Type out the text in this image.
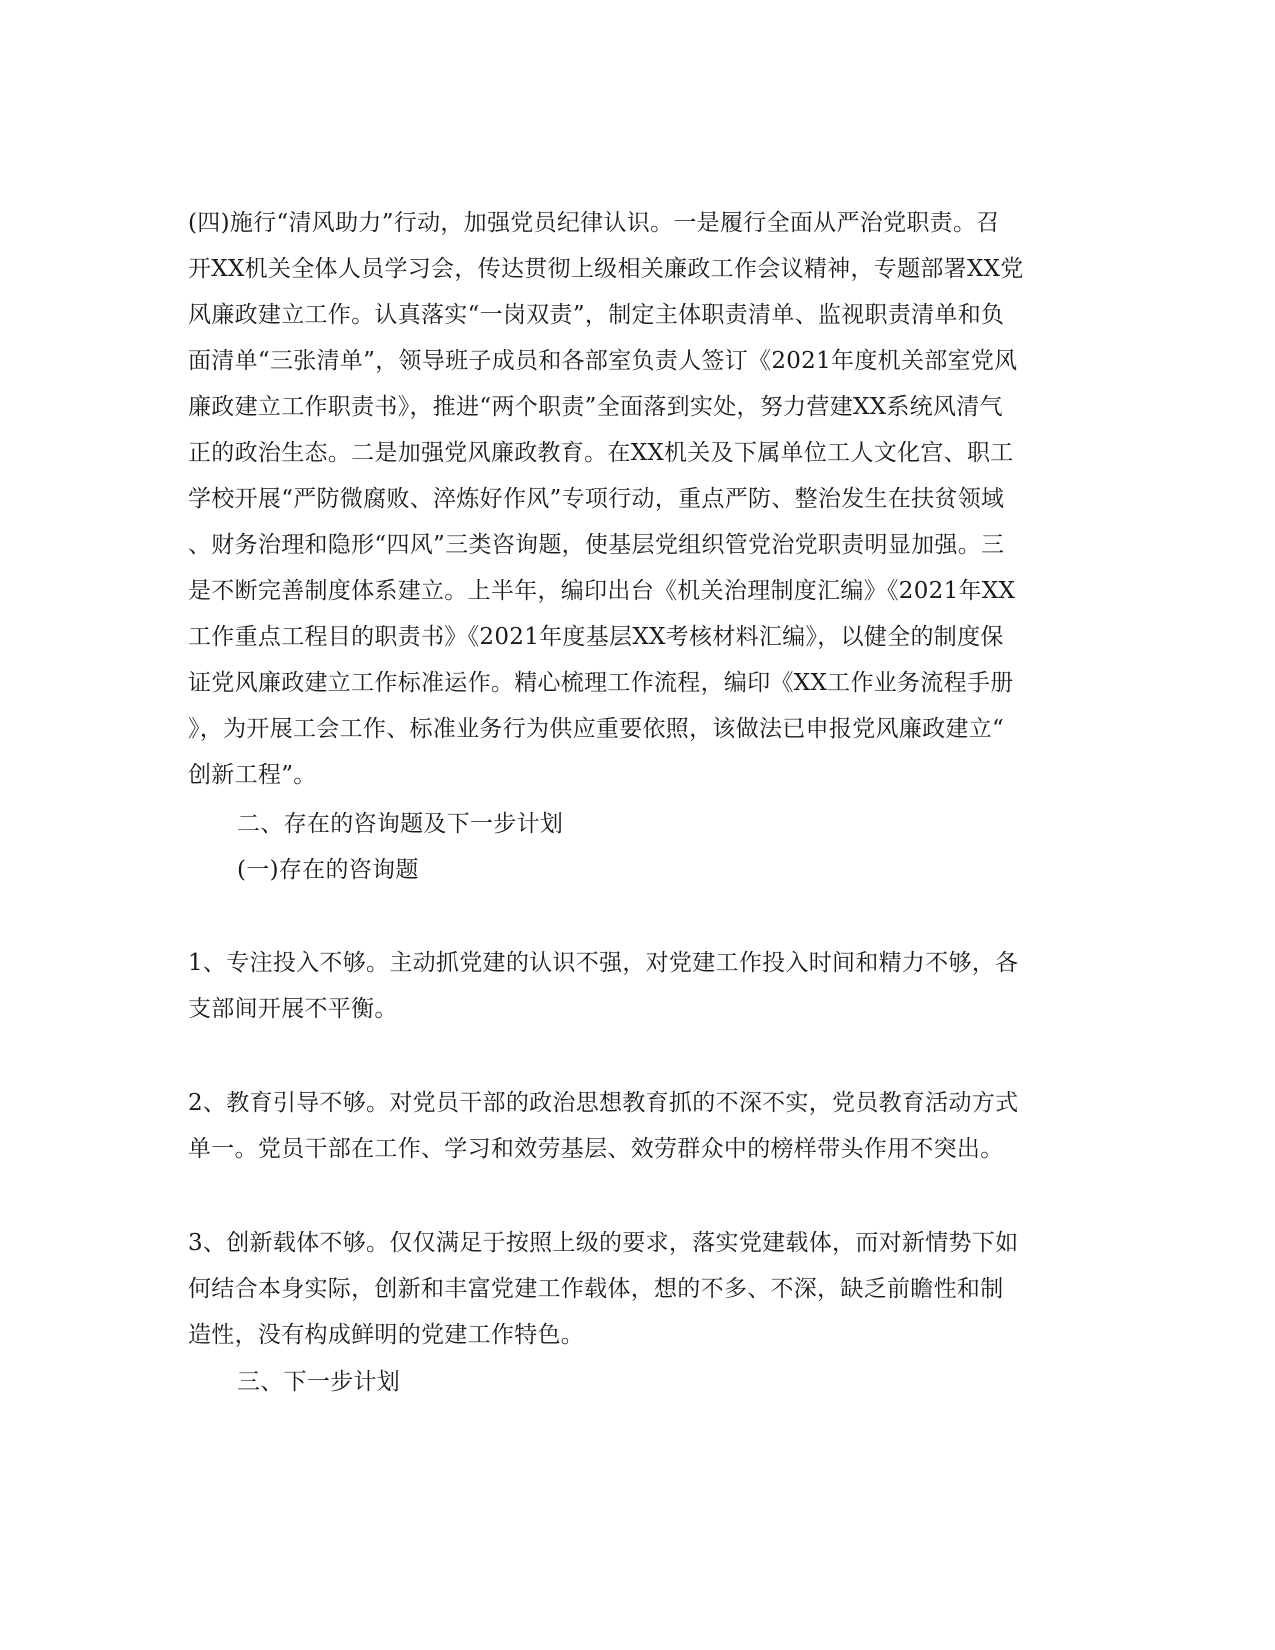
(四)施行“清风助力”行动，加强党员纪律认识。一是履行全面从严治党职责。召
开XX机关全体人员学习会，传达贯彻上级相关廉政工作会议精神，专题部署XX党
风廉政建立工作。认真落实“一岗双责”，制定主体职责清单、监视职责清单和负
面清单“三张清单”，领导班子成员和各部室负责人签订《2021年度机关部室党风
廉政建立工作职责书》，推进“两个职责”全面落到实处，努力营建XX系统风清气
正的政治生态。二是加强党风廉政教育。在XX机关及下属单位工人文化宫、职工
学校开展“严防微腐败、淬炼好作风”专项行动，重点严防、整治发生在扶贫领域
、财务治理和隐形“四风”三类咨询题，使基层党组织管党治党职责明显加强。三
是不断完善制度体系建立。上半年，编印出台《机关治理制度汇编》《2021年XX
工作重点工程目的职责书》《2021年度基层XX考核材料汇编》，以健全的制度保
证党风廉政建立工作标准运作。精心梳理工作流程，编印《XX工作业务流程手册
》，为开展工会工作、标准业务行为供应重要依照，该做法已申报党风廉政建立“
创新工程”。
二、存在的咨询题及下一步计划
(一)存在的咨询题
1、专注投入不够。主动抓党建的认识不强，对党建工作投入时间和精力不够，各
支部间开展不平衡。
2、教育引导不够。对党员干部的政治思想教育抓的不深不实，党员教育活动方式
单一。党员干部在工作、学习和效劳基层、效劳群众中的榜样带头作用不突出。
3、创新载体不够。仅仅满足于按照上级的要求，落实党建载体，而对新情势下如
何结合本身实际，创新和丰富党建工作载体，想的不多、不深，缺乏前瞻性和制
造性，没有构成鲜明的党建工作特色。
三、下一步计划
